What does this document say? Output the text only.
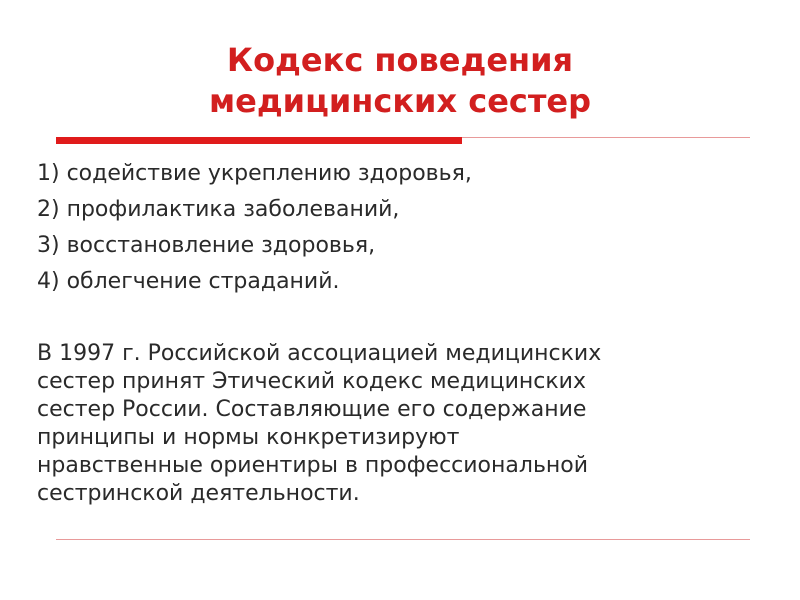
Кодекс поведения
медицинских сестер
1) содействие укреплению здоровья,
2) профилактика заболеваний,
3) восстановление здоровья,
4) облегчение страданий.

В 1997 г. Российской ассоциацией медицинских
сестер принят Этический кодекс медицинских
сестер России. Составляющие его содержание
принципы и нормы конкретизируют
нравственные ориентиры в профессиональной
сестринской деятельности.
